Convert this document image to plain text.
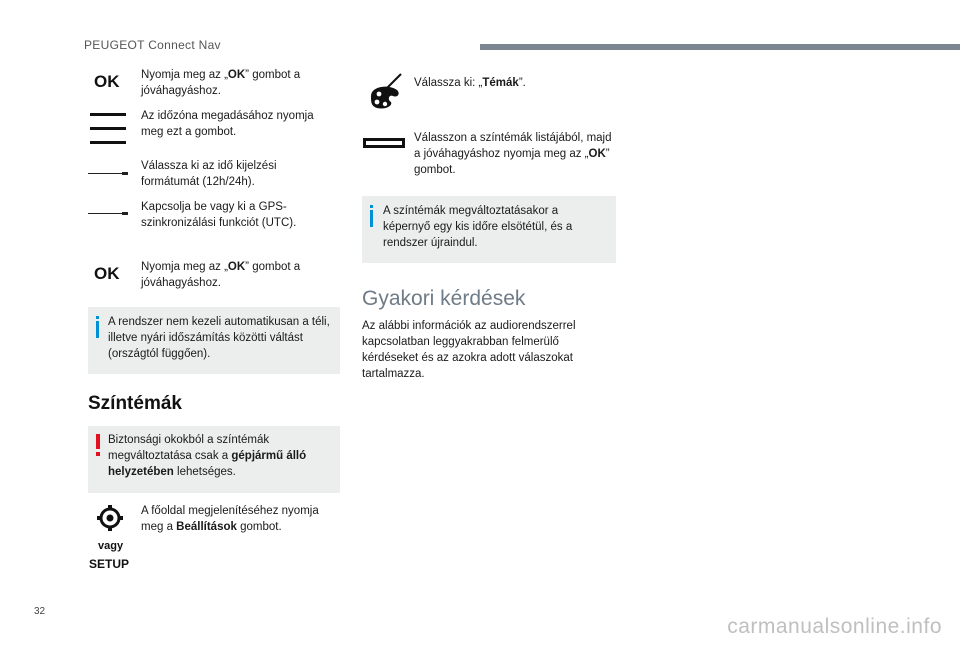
PEUGEOT Connect Nav
OK Nyomja meg az „OK” gombot a jóváhagyáshoz.
Az időzóna megadásához nyomja meg ezt a gombot.
Válassza ki az idő kijelzési formátumát (12h/24h).
Kapcsolja be vagy ki a GPS-szinkronizálási funkciót (UTC).
OK Nyomja meg az „OK” gombot a jóváhagyáshoz.
A rendszer nem kezeli automatikusan a téli, illetve nyári időszámítás közötti váltást (országtól függően).
Színtémák
Biztonsági okokból a színtémák megváltoztatása csak a gépjármű álló helyzetében lehetséges.
A főoldal megjelenítéséhez nyomja meg a Beállítások gombot.
vagy
SETUP
Válassza ki: „Témák”.
Válasszon a színtémák listájából, majd a jóváhagyáshoz nyomja meg az „OK” gombot.
A színtémák megváltoztatásakor a képernyő egy kis időre elsötétül, és a rendszer újraindul.
Gyakori kérdések
Az alábbi információk az audiorendszerrel kapcsolatban leggyakrabban felmerülő kérdéseket és az azokra adott válaszokat tartalmazza.
32
carmanualsonline.info
